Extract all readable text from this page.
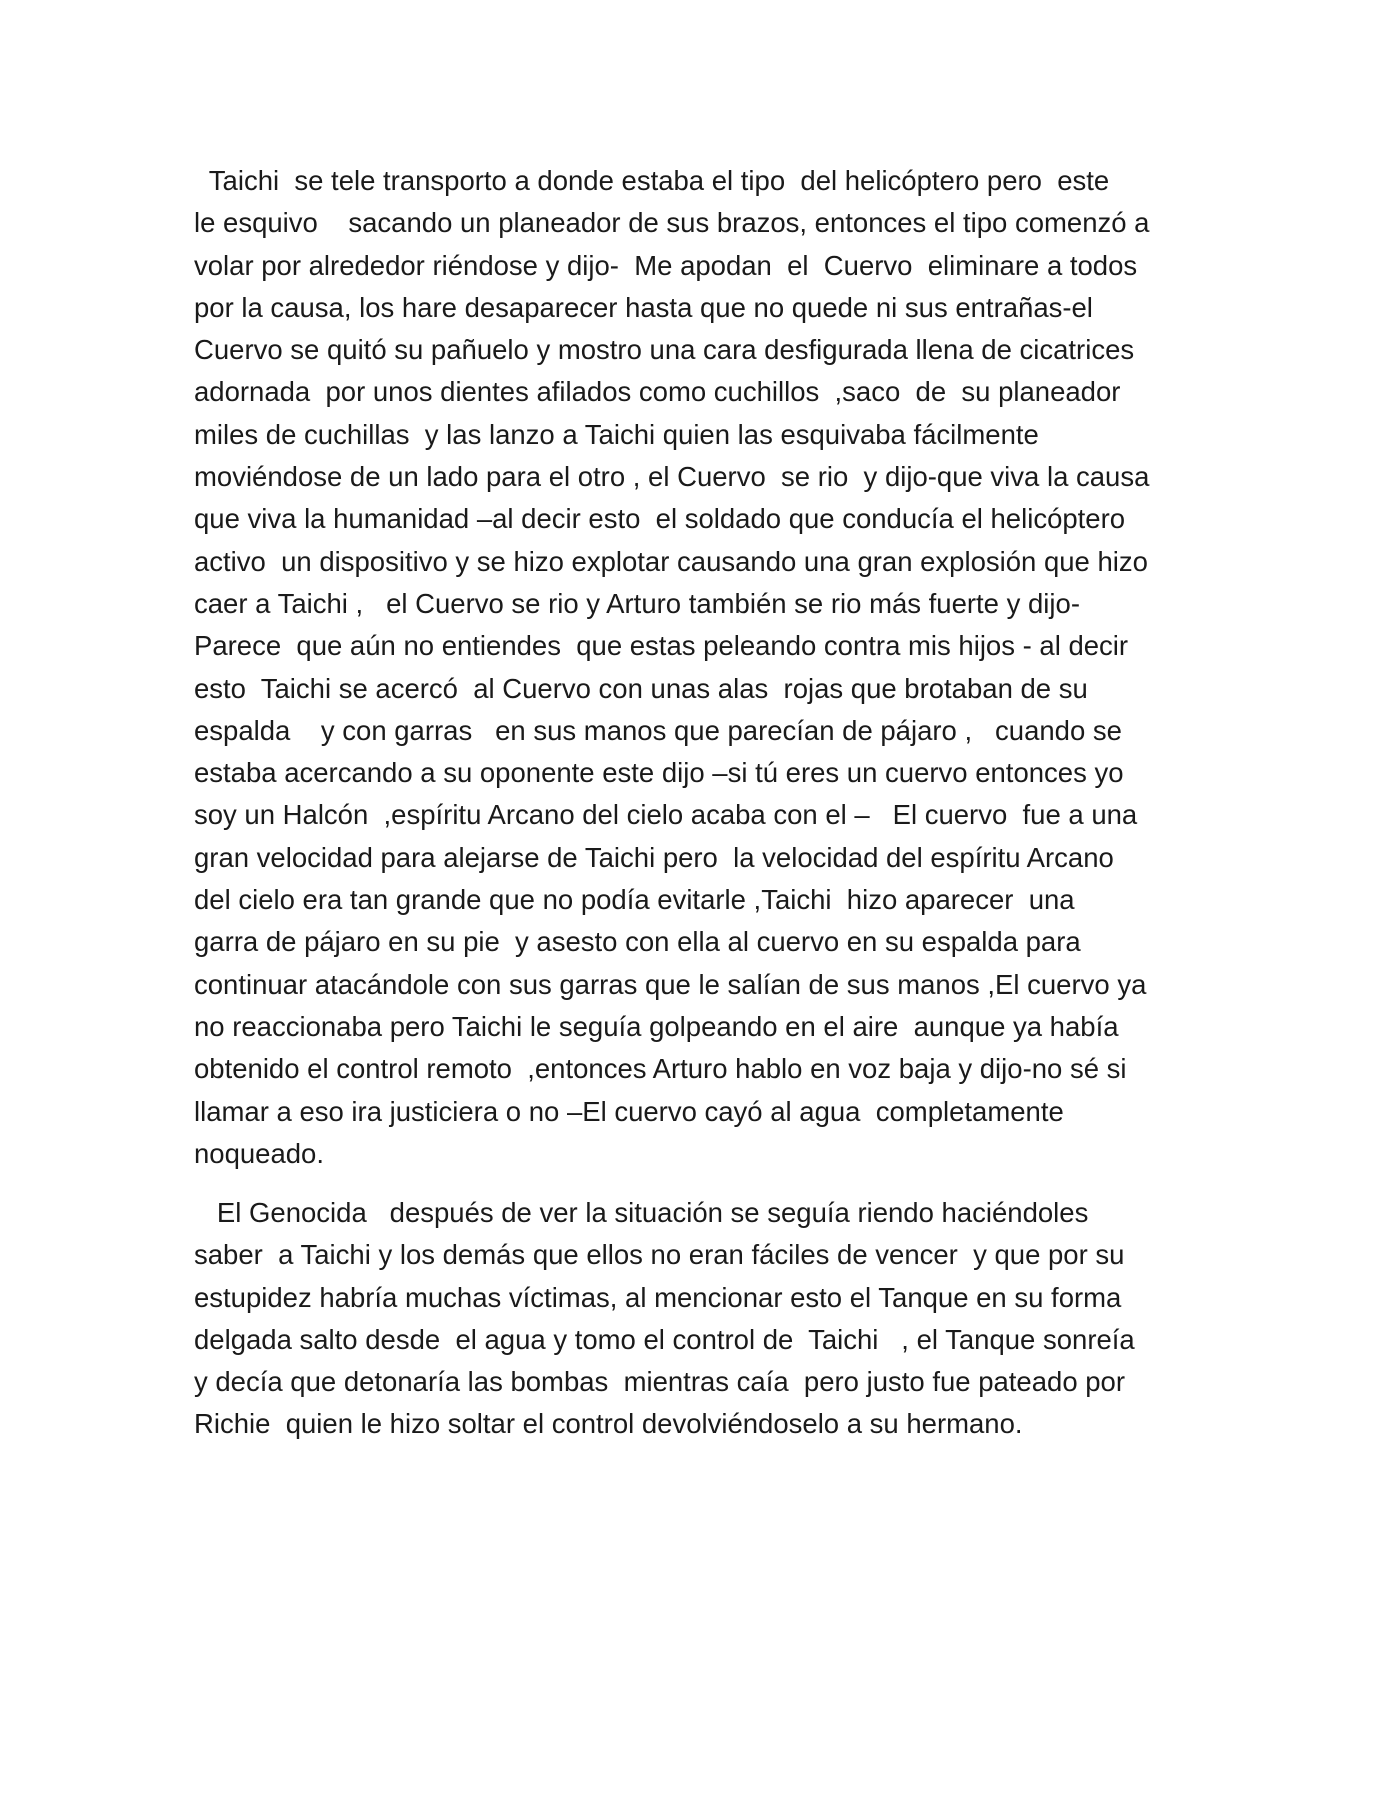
Taichi  se tele transporto a donde estaba el tipo  del helicóptero pero  este
le esquivo    sacando un planeador de sus brazos, entonces el tipo comenzó a
volar por alrededor riéndose y dijo-  Me apodan  el  Cuervo  eliminare a todos
por la causa, los hare desaparecer hasta que no quede ni sus entrañas-el
Cuervo se quitó su pañuelo y mostro una cara desfigurada llena de cicatrices
adornada  por unos dientes afilados como cuchillos  ,saco  de  su planeador
miles de cuchillas  y las lanzo a Taichi quien las esquivaba fácilmente
moviéndose de un lado para el otro , el Cuervo  se rio  y dijo-que viva la causa
que viva la humanidad –al decir esto  el soldado que conducía el helicóptero
activo  un dispositivo y se hizo explotar causando una gran explosión que hizo
caer a Taichi ,   el Cuervo se rio y Arturo también se rio más fuerte y dijo-
Parece  que aún no entiendes  que estas peleando contra mis hijos - al decir
esto  Taichi se acercó  al Cuervo con unas alas  rojas que brotaban de su
espalda    y con garras   en sus manos que parecían de pájaro ,   cuando se
estaba acercando a su oponente este dijo –si tú eres un cuervo entonces yo
soy un Halcón  ,espíritu Arcano del cielo acaba con el –   El cuervo  fue a una
gran velocidad para alejarse de Taichi pero  la velocidad del espíritu Arcano
del cielo era tan grande que no podía evitarle ,Taichi  hizo aparecer  una
garra de pájaro en su pie  y asesto con ella al cuervo en su espalda para
continuar atacándole con sus garras que le salían de sus manos ,El cuervo ya
no reaccionaba pero Taichi le seguía golpeando en el aire  aunque ya había
obtenido el control remoto  ,entonces Arturo hablo en voz baja y dijo-no sé si
llamar a eso ira justiciera o no –El cuervo cayó al agua  completamente
noqueado.
El Genocida   después de ver la situación se seguía riendo haciéndoles
saber  a Taichi y los demás que ellos no eran fáciles de vencer  y que por su
estupidez habría muchas víctimas, al mencionar esto el Tanque en su forma
delgada salto desde  el agua y tomo el control de  Taichi   , el Tanque sonreía
y decía que detonaría las bombas  mientras caía  pero justo fue pateado por
Richie  quien le hizo soltar el control devolviéndoselo a su hermano.
